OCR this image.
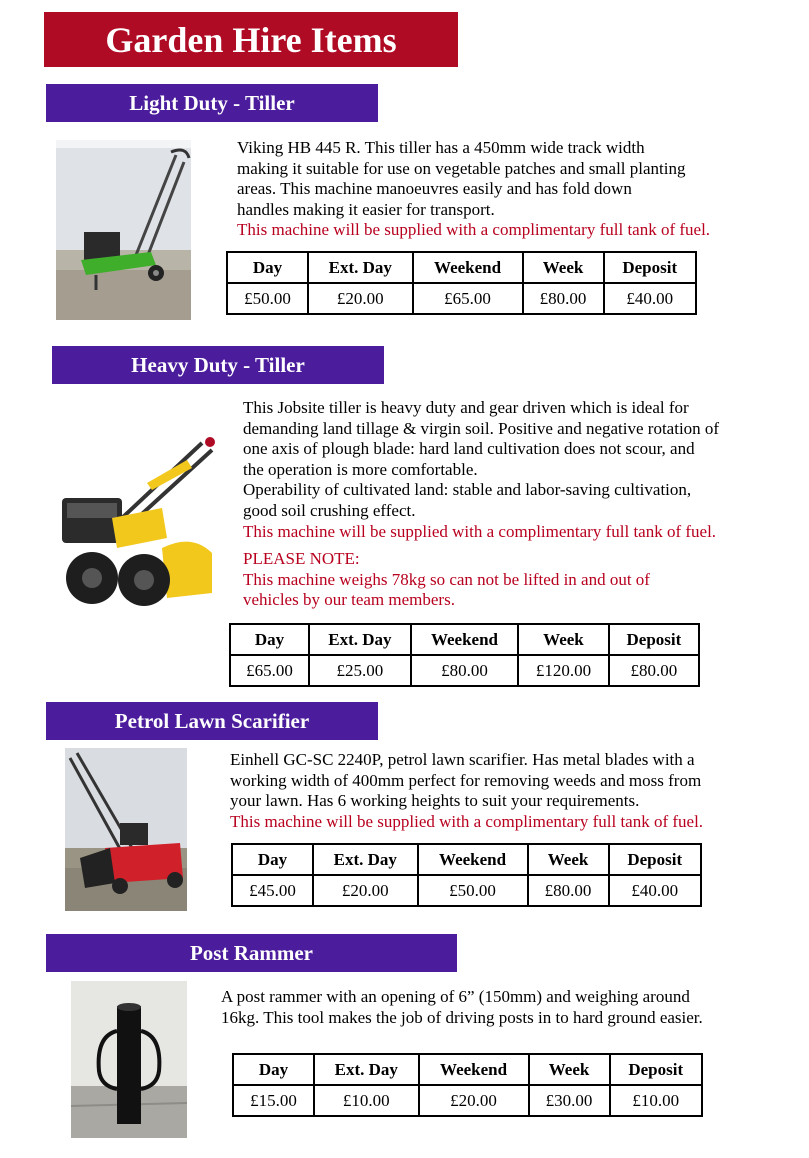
Garden Hire Items
Light Duty - Tiller

Viking HB 445 R. This tiller has a 450mm wide track width

making it suitable for use on vegetable patches and small planting

areas. This machine manoeuvres easily and has fold down

handles making it easier for transport.

This machine will be supplied with a complimentary full tank of fuel.

Day	Ext. Day	Weekend	Week	Deposit
£50.00	£20.00	£65.00	£80.00	£40.00
Heavy Duty - Tiller

This Jobsite tiller is heavy duty and gear driven which is ideal for

demanding land tillage & virgin soil. Positive and negative rotation of

one axis of plough blade: hard land cultivation does not scour, and

the operation is more comfortable.

Operability of cultivated land: stable and labor-saving cultivation,

good soil crushing effect.

This machine will be supplied with a complimentary full tank of fuel.

PLEASE NOTE:

This machine weighs 78kg so can not be lifted in and out of

vehicles by our team members.

Day	Ext. Day	Weekend	Week	Deposit
£65.00	£25.00	£80.00	£120.00	£80.00
Petrol Lawn Scarifier

Einhell GC-SC 2240P, petrol lawn scarifier. Has metal blades with a

working width of 400mm perfect for removing weeds and moss from

your lawn. Has 6 working heights to suit your requirements.

This machine will be supplied with a complimentary full tank of fuel.

Day	Ext. Day	Weekend	Week	Deposit
£45.00	£20.00	£50.00	£80.00	£40.00
Post Rammer

A post rammer with an opening of 6” (150mm) and weighing around

16kg. This tool makes the job of driving posts in to hard ground easier.

Day	Ext. Day	Weekend	Week	Deposit
£15.00	£10.00	£20.00	£30.00	£10.00
